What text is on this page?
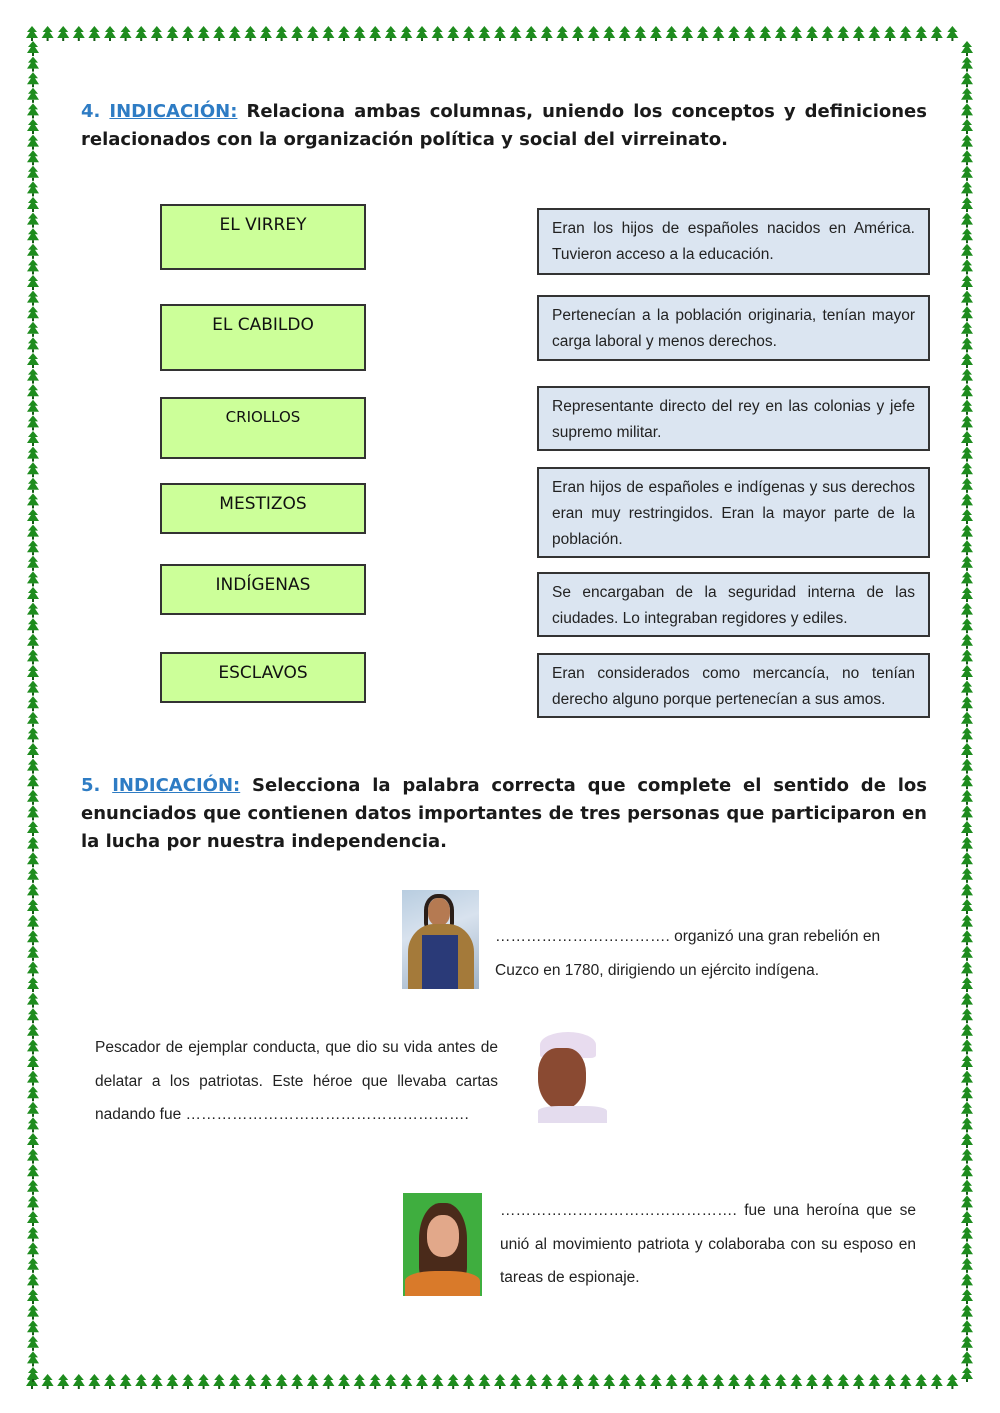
4. INDICACIÓN: Relaciona ambas columnas, uniendo los conceptos y definiciones relacionados con la organización política y social del virreinato.
EL VIRREY
EL CABILDO
CRIOLLOS
MESTIZOS
INDÍGENAS
ESCLAVOS
Eran los hijos de españoles nacidos en América. Tuvieron acceso a la educación.
Pertenecían a la población originaria, tenían mayor carga laboral y menos derechos.
Representante directo del rey en las colonias y jefe supremo militar.
Eran hijos de españoles e indígenas y sus derechos eran muy restringidos. Eran la mayor parte de la población.
Se encargaban de la seguridad interna de las ciudades. Lo integraban regidores y ediles.
Eran considerados como mercancía, no tenían derecho alguno porque pertenecían a sus amos.
5. INDICACIÓN: Selecciona la palabra correcta que complete el sentido de los enunciados que contienen datos importantes de tres personas que participaron en la lucha por nuestra independencia.
……………………………. organizó una gran rebelión en Cuzco en 1780, dirigiendo un ejército indígena.
Pescador de ejemplar conducta, que dio su vida antes de delatar a los patriotas. Este héroe que llevaba cartas nadando fue ……………………………………………….
………………………………………. fue una heroína que se unió al movimiento patriota y colaboraba con su esposo en tareas de espionaje.
